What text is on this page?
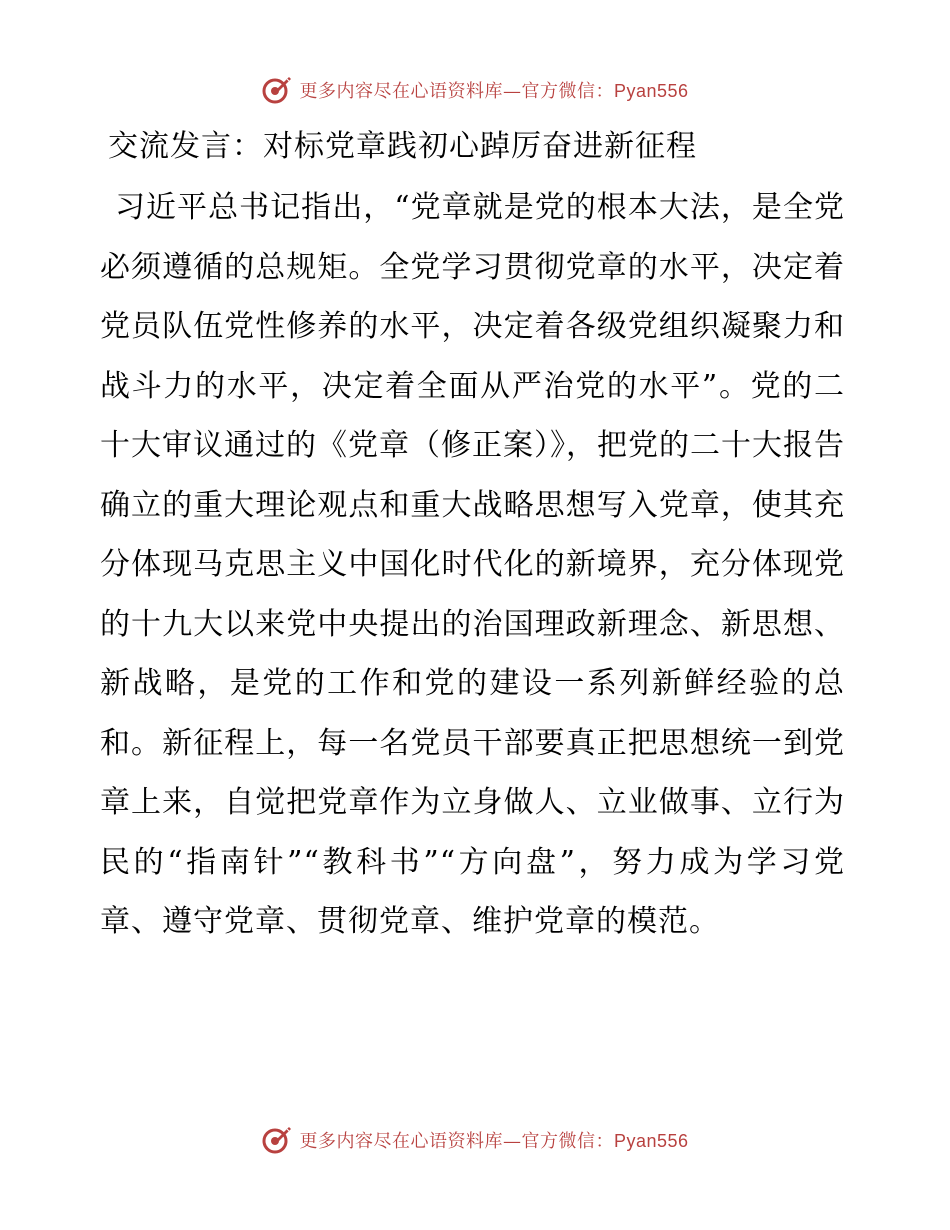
更多内容尽在心语资料库—官方微信：Pyan556
交流发言：对标党章践初心踔厉奋进新征程
习近平总书记指出，“党章就是党的根本大法，是全党必须遵循的总规矩。全党学习贯彻党章的水平，决定着党员队伍党性修养的水平，决定着各级党组织凝聚力和战斗力的水平，决定着全面从严治党的水平”。党的二十大审议通过的《党章（修正案）》，把党的二十大报告确立的重大理论观点和重大战略思想写入党章，使其充分体现马克思主义中国化时代化的新境界，充分体现党的十九大以来党中央提出的治国理政新理念、新思想、新战略，是党的工作和党的建设一系列新鲜经验的总和。新征程上，每一名党员干部要真正把思想统一到党章上来，自觉把党章作为立身做人、立业做事、立行为民的“指南针”“教科书”“方向盘”，努力成为学习党章、遵守党章、贯彻党章、维护党章的模范。
更多内容尽在心语资料库—官方微信：Pyan556
